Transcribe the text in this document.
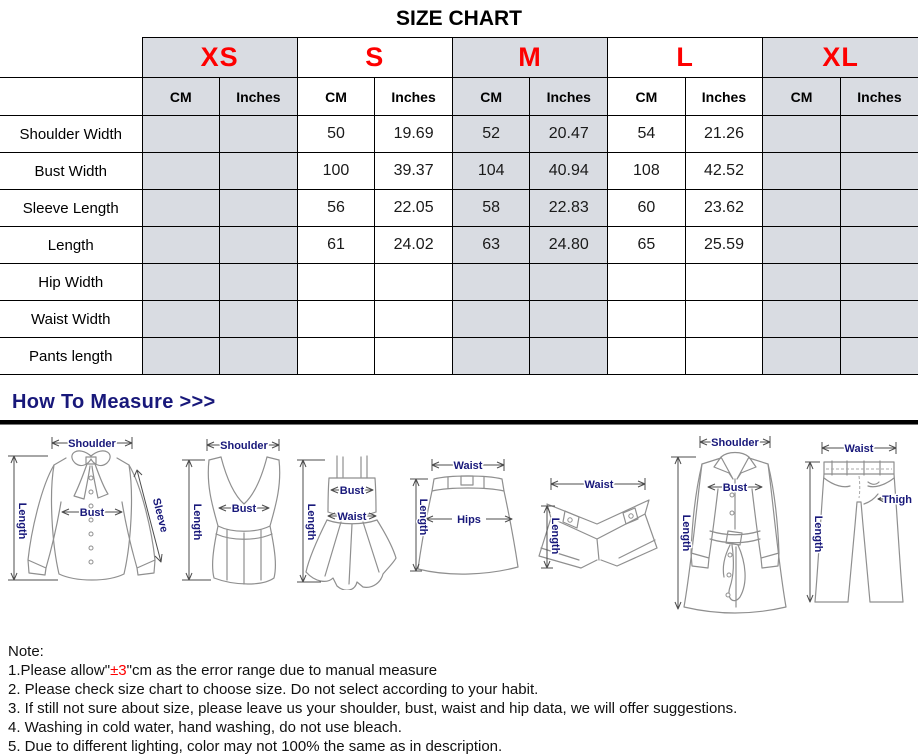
SIZE CHART
	XS		S		M		L		XL	
	CM	Inches	CM	Inches	CM	Inches	CM	Inches	CM	Inches
Shoulder Width			50	19.69	52	20.47	54	21.26		
Bust Width			100	39.37	104	40.94	108	42.52		
Sleeve Length			56	22.05	58	22.83	60	23.62		
Length			61	24.02	63	24.80	65	25.59		
Hip Width										
Waist Width										
Pants length										
How To Measure >>>
Shoulder
Bust
Length	Sleeve
Shoulder
Bust
Length
Bust
Waist
Length
Waist
Hips
Length
Waist
Length
Shoulder
Bust
Length
Waist
Length
Thigh
Note:
1.Please allow"±3"cm as the error range due to manual measure
2. Please check size chart to choose size. Do not select according to your habit.
3. If still not sure about size, please leave us your shoulder, bust, waist and hip data, we will offer suggestions.
4. Washing in cold water, hand washing, do not use bleach.
5. Due to different lighting, color may not 100% the same as in description.
